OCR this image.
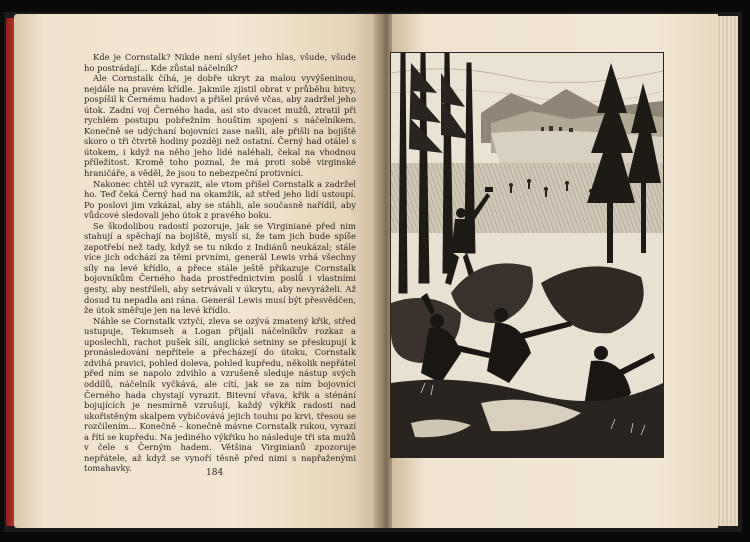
Kde je Cornstalk? Nikde není slyšet jeho hlas, všude, všude ho postrádají... Kde zůstal náčelník?

Ale Cornstalk číhá, je dobře ukryt za malou vyvýšeninou, nejdále na pravém křídle. Jakmile zjistil obrat v průběhu bitvy, pospíšil k Černému hadovi a přišel právě včas, aby zadržel jeho útok. Zadní voj Černého hada, asi sto dvacet mužů, ztratil při rychlém postupu pobřežním houštím spojení s náčelníkem. Konečně se udýchaní bojovníci zase našli, ale přišli na bojiště skoro o tři čtvrtě hodiny později než ostatní. Černý had otálel s útokem, i když na něho jeho lidé naléhali, čekal na vhodnou příležitost. Kromě toho poznal, že má proti sobě virginské hraničáře, a věděl, že jsou to nebezpeční protivníci.

Nakonec chtěl už vyrazit, ale vtom přišel Cornstalk a zadržel ho. Teď čeká Černý had na okamžik, až střed jeho lidí ustoupí. Po poslovi jim vzkázal, aby se stáhli, ale současně nařídil, aby vůdcové sledovali jeho útok z pravého boku.

Se škodolibou radostí pozoruje, jak se Virginiané před nim stahují a spěchají na bojiště, myslí si, že tam jich bude spíše zapotřebí než tady, když se tu nikdo z Indiánů neukázal; stále více jich odchází za těmi prvními, generál Lewis vrhá všechny síly na levé křídlo, a přece stále ještě přikazuje Cornstalk bojovníkům Černého hada prostřednictvím poslů i vlastními gesty, aby nestříleli, aby setrvávali v úkrytu, aby nevyráželi. Až dosud tu nepadla ani rána. Generál Lewis musí být přesvědčen, že útok směřuje jen na levé křídlo.

Náhle se Cornstalk vztyčí, zleva se ozývá zmatený křik, střed ustupuje, Tekumseh a Logan přijali náčelníkův rozkaz a uposlechli, rachot pušek sílí, anglické setniny se přeskupují k pronásledování nepřítele a přecházejí do útoku, Cornstalk zdvihá pravici, pohled doleva, pohled kupředu, několik nepřátel před ním se napolo zdvihlo a vzrušeně sleduje nástup svých oddílů, náčelník vyčkává, ale cítí, jak se za ním bojovníci Černého hada chystají vyrazit. Bitevní vřava, křik a sténání bojujících je nesmírně vzrušují, každý výkřik radosti nad ukořistěným skalpem vybičovává jejich touhu po krvi, třesou se rozčilením... Konečně – konečně mávne Cornstalk rukou, vyrazí a řítí se kupředu. Na jediného výkřiku ho následuje tři sta mužů v čele s Černým hadem. Většina Virginianů zpozoruje nepřátele, až když se vynoří těsně před nimi s napřaženými tomahavky.	184
